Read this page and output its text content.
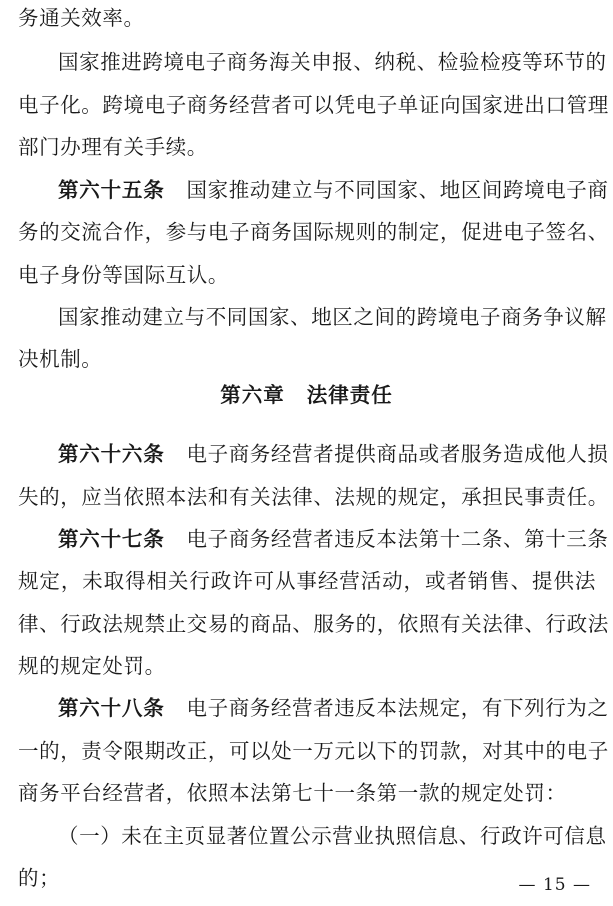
务通关效率。
国家推进跨境电子商务海关申报、纳税、检验检疫等环节的
电子化。跨境电子商务经营者可以凭电子单证向国家进出口管理
部门办理有关手续。
第六十五条 国家推动建立与不同国家、地区间跨境电子商
务的交流合作，参与电子商务国际规则的制定，促进电子签名、
电子身份等国际互认。
国家推动建立与不同国家、地区之间的跨境电子商务争议解
决机制。
第六章 法律责任
第六十六条 电子商务经营者提供商品或者服务造成他人损
失的，应当依照本法和有关法律、法规的规定，承担民事责任。
第六十七条 电子商务经营者违反本法第十二条、第十三条
规定，未取得相关行政许可从事经营活动，或者销售、提供法
律、行政法规禁止交易的商品、服务的，依照有关法律、行政法
规的规定处罚。
第六十八条 电子商务经营者违反本法规定，有下列行为之
一的，责令限期改正，可以处一万元以下的罚款，对其中的电子
商务平台经营者，依照本法第七十一条第一款的规定处罚：
（一）未在主页显著位置公示营业执照信息、行政许可信息
的；	— 15 —
